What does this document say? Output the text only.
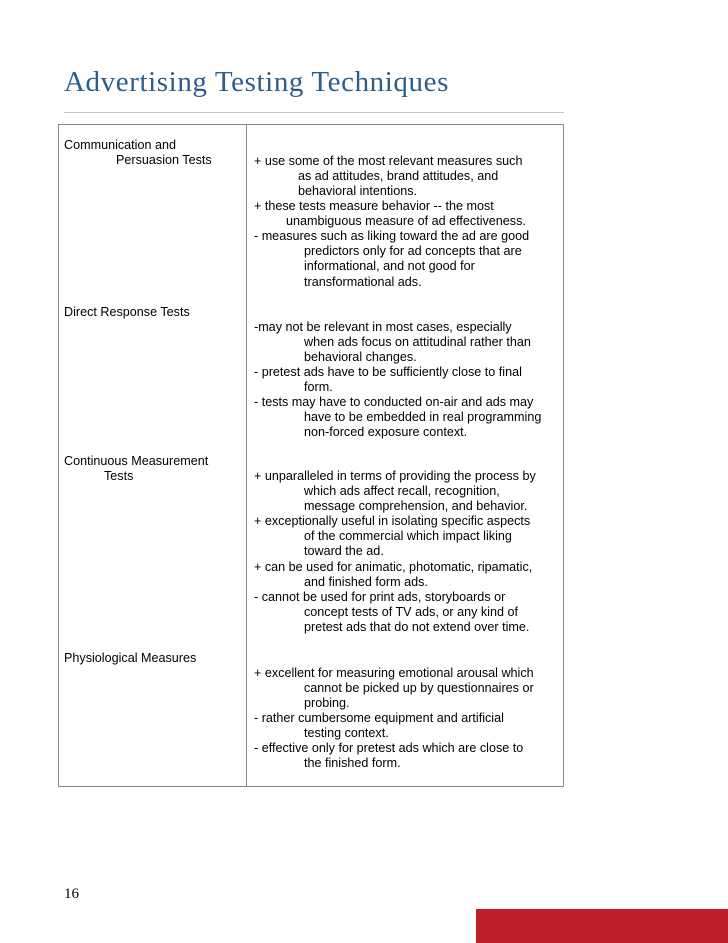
Advertising Testing Techniques
Communication and
Persuasion Tests	+ use some of the most relevant measures such
as ad attitudes, brand attitudes, and
behavioral intentions.
+ these tests measure behavior -- the most
unambiguous measure of ad effectiveness.
- measures such as liking toward the ad are good
predictors only for ad concepts that are
informational, and not good for
transformational ads.
Direct Response Tests
-may not be relevant in most cases, especially
when ads focus on attitudinal rather than
behavioral changes.
- pretest ads have to be sufficiently close to final
form.
- tests may have to conducted on-air and ads may
have to be embedded in real programming
non-forced exposure context.
Continuous Measurement
Tests	+ unparalleled in terms of providing the process by
which ads affect recall, recognition,
message comprehension, and behavior.
+ exceptionally useful in isolating specific aspects
of the commercial which impact liking
toward the ad.
+ can be used for animatic, photomatic, ripamatic,
and finished form ads.
- cannot be used for print ads, storyboards or
concept tests of TV ads, or any kind of
pretest ads that do not extend over time.
Physiological Measures
+ excellent for measuring emotional arousal which
cannot be picked up by questionnaires or
probing.
- rather cumbersome equipment and artificial
testing context.
- effective only for pretest ads which are close to
the finished form.
16
